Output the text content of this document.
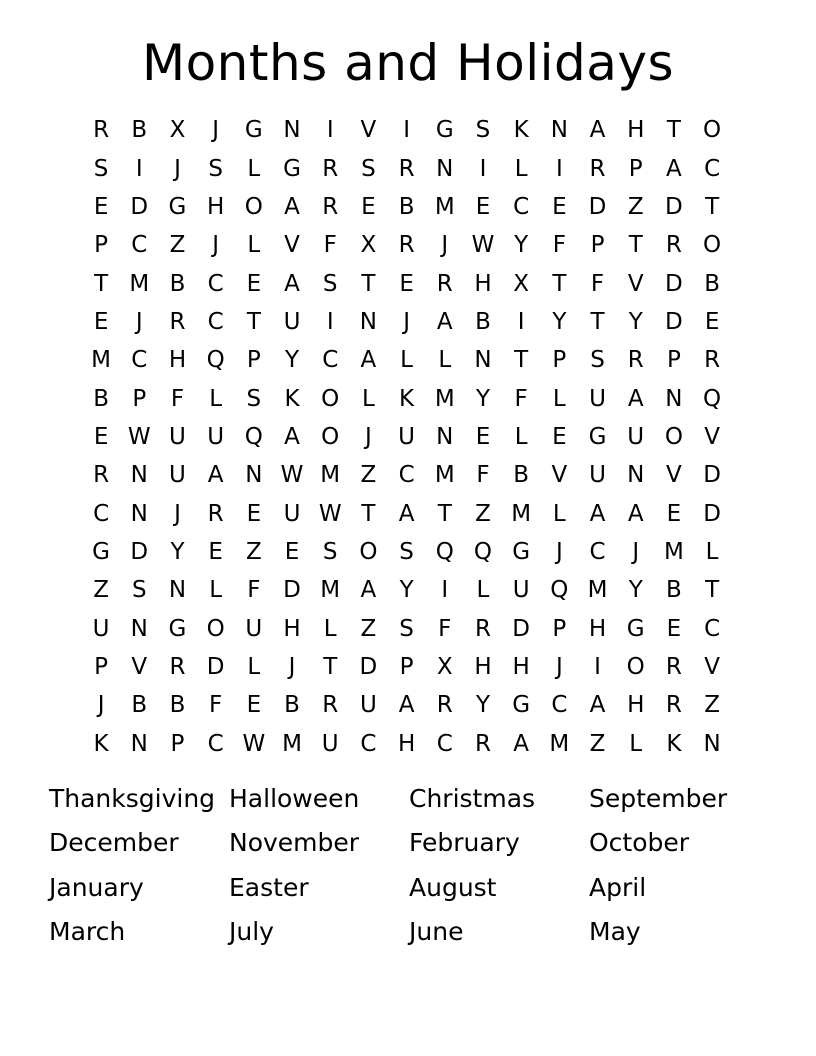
Months and Holidays
R B X	J	G N	I	V	I	G S	K N A H T O
S	I	J	S	L G R S R N	I	L	I	R	P	A C
E D G H O A R E	B M E C E D Z D T
P	C Z	J	L	V	F	X R	J	W Y	F	P	T	R O
T M B C E	A	S	T	E R H X	T	F	V D B
E	J	R C	T U	I	N	J	A B	I	Y	T	Y D E
M C H Q P	Y	C A	L	L	N T	P	S R	P	R
B	P	F	L	S	K O L	K M Y	F	L	U A N Q
E W U U Q A O	J	U N E	L	E G U O V
R N U A N W M Z C M F	B V U N V D
C N	J	R E U W T	A	T	Z M L	A A	E D
G D Y	E	Z	E	S O S Q Q G	J	C	J	M L
Z	S N	L	F D M A	Y	I	L	U Q M Y	B	T
U N G O U H	L	Z	S	F	R D P H G E C
P	V R D L	J	T D P	X H H	J	I	O R V
J	B B	F	E	B R U A R	Y G C A H R Z
K N P	C W M U C H C R A M Z	L	K N
Thanksgiving Halloween	Christmas	September
December	November	February	October
January	Easter	August	April
March	July	June	May
